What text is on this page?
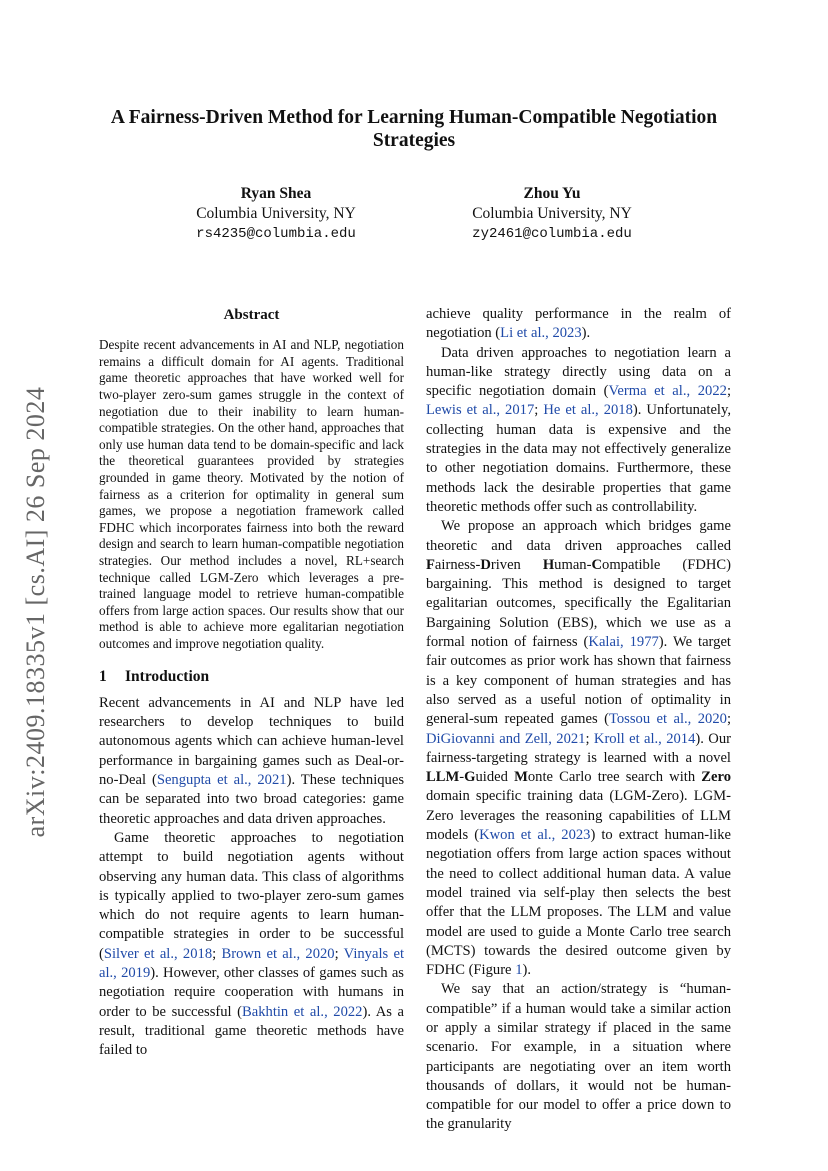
arXiv:2409.18335v1 [cs.AI] 26 Sep 2024
A Fairness-Driven Method for Learning Human-Compatible Negotiation
Strategies
Ryan Shea
Columbia University, NY
rs4235@columbia.edu
Zhou Yu
Columbia University, NY
zy2461@columbia.edu
Abstract

Despite recent advancements in AI and NLP, negotiation remains a difficult domain for AI agents. Traditional game theoretic approaches that have worked well for two-player zero-sum games struggle in the context of negotiation due to their inability to learn human-compatible strategies. On the other hand, approaches that only use human data tend to be domain-specific and lack the theoretical guarantees provided by strategies grounded in game theory. Motivated by the notion of fairness as a criterion for optimality in general sum games, we propose a negotiation framework called FDHC which incorporates fairness into both the reward design and search to learn human-compatible negotiation strategies. Our method includes a novel, RL+search technique called LGM-Zero which leverages a pre-trained language model to retrieve human-compatible offers from large action spaces. Our results show that our method is able to achieve more egalitarian negotiation outcomes and improve negotiation quality.

1 Introduction

Recent advancements in AI and NLP have led researchers to develop techniques to build autonomous agents which can achieve human-level performance in bargaining games such as Deal-or-no-Deal (Sengupta et al., 2021). These techniques can be separated into two broad categories: game theoretic approaches and data driven approaches.

Game theoretic approaches to negotiation attempt to build negotiation agents without observing any human data. This class of algorithms is typically applied to two-player zero-sum games which do not require agents to learn human-compatible strategies in order to be successful (Silver et al., 2018; Brown et al., 2020; Vinyals et al., 2019). However, other classes of games such as negotiation require cooperation with humans in order to be successful (Bakhtin et al., 2022). As a result, traditional game theoretic methods have failed to

achieve quality performance in the realm of negotiation (Li et al., 2023).

Data driven approaches to negotiation learn a human-like strategy directly using data on a specific negotiation domain (Verma et al., 2022; Lewis et al., 2017; He et al., 2018). Unfortunately, collecting human data is expensive and the strategies in the data may not effectively generalize to other negotiation domains. Furthermore, these methods lack the desirable properties that game theoretic methods offer such as controllability.

We propose an approach which bridges game theoretic and data driven approaches called Fairness-Driven Human-Compatible (FDHC) bargaining. This method is designed to target egalitarian outcomes, specifically the Egalitarian Bargaining Solution (EBS), which we use as a formal notion of fairness (Kalai, 1977). We target fair outcomes as prior work has shown that fairness is a key component of human strategies and has also served as a useful notion of optimality in general-sum repeated games (Tossou et al., 2020; DiGiovanni and Zell, 2021; Kroll et al., 2014). Our fairness-targeting strategy is learned with a novel LLM-Guided Monte Carlo tree search with Zero domain specific training data (LGM-Zero). LGM-Zero leverages the reasoning capabilities of LLM models (Kwon et al., 2023) to extract human-like negotiation offers from large action spaces without the need to collect additional human data. A value model trained via self-play then selects the best offer that the LLM proposes. The LLM and value model are used to guide a Monte Carlo tree search (MCTS) towards the desired outcome given by FDHC (Figure 1).

We say that an action/strategy is “human-compatible” if a human would take a similar action or apply a similar strategy if placed in the same scenario. For example, in a situation where participants are negotiating over an item worth thousands of dollars, it would not be human-compatible for our model to offer a price down to the granularity
